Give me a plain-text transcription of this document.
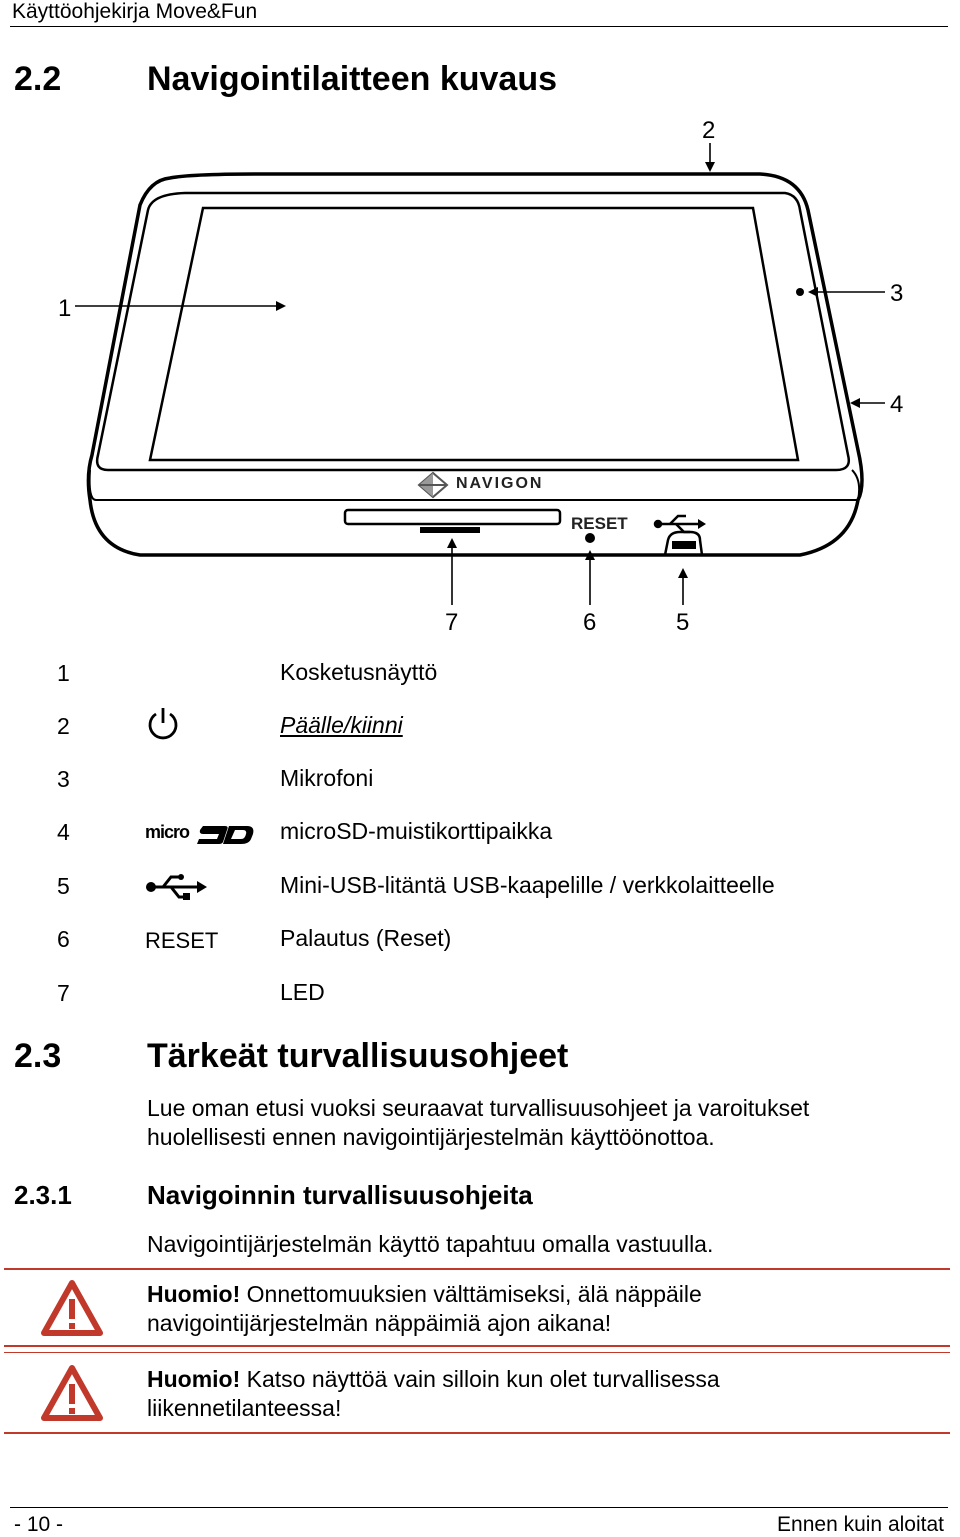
Käyttöohjekirja Move&Fun
2.2	Navigointilaitteen kuvaus
NAVIGON
RESET
1
2
3
4
5
6
7
1	Kosketusnäyttö
2	Päälle/kiinni
3	Mikrofoni
4	micro	microSD-muistikorttipaikka
5	Mini-USB-litäntä USB-kaapelille / verkkolaitteelle
6	RESET	Palautus (Reset)
7	LED
2.3	Tärkeät turvallisuusohjeet
Lue oman etusi vuoksi seuraavat turvallisuusohjeet ja varoitukset
huolellisesti ennen navigointijärjestelmän käyttöönottoa.
2.3.1	Navigoinnin turvallisuusohjeita
Navigointijärjestelmän käyttö tapahtuu omalla vastuulla.
Huomio! Onnettomuuksien välttämiseksi, älä näppäile
navigointijärjestelmän näppäimiä ajon aikana!
Huomio! Katso näyttöä vain silloin kun olet turvallisessa
liikennetilanteessa!
- 10 -	Ennen kuin aloitat
